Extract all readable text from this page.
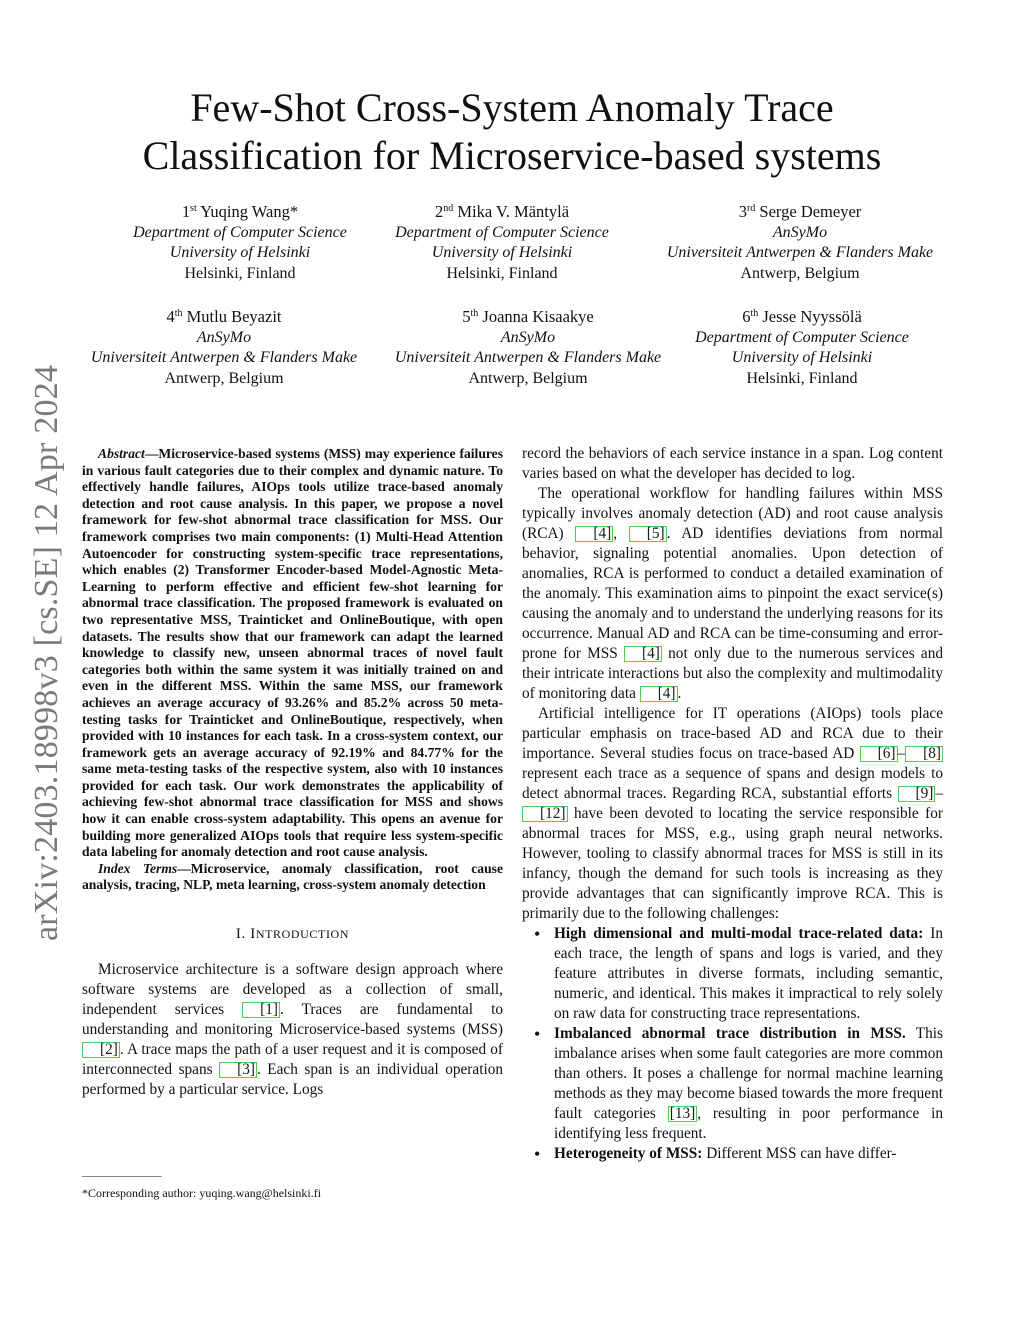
arXiv:2403.18998v3 [cs.SE] 12 Apr 2024
Few-Shot Cross-System Anomaly Trace
Classification for Microservice-based systems
1st Yuqing Wang*
Department of Computer Science
University of Helsinki
Helsinki, Finland
2nd Mika V. Mäntylä
Department of Computer Science
University of Helsinki
Helsinki, Finland
3rd Serge Demeyer
AnSyMo
Universiteit Antwerpen & Flanders Make
Antwerp, Belgium
4th Mutlu Beyazit
AnSyMo
Universiteit Antwerpen & Flanders Make
Antwerp, Belgium
5th Joanna Kisaakye
AnSyMo
Universiteit Antwerpen & Flanders Make
Antwerp, Belgium
6th Jesse Nyyssölä
Department of Computer Science
University of Helsinki
Helsinki, Finland

Abstract—Microservice-based systems (MSS) may experience failures in various fault categories due to their complex and dynamic nature. To effectively handle failures, AIOps tools utilize trace-based anomaly detection and root cause analysis. In this paper, we propose a novel framework for few-shot abnormal trace classification for MSS. Our framework comprises two main components: (1) Multi-Head Attention Autoencoder for constructing system-specific trace representations, which enables (2) Transformer Encoder-based Model-Agnostic Meta-Learning to perform effective and efficient few-shot learning for abnormal trace classification. The proposed framework is evaluated on two representative MSS, Trainticket and OnlineBoutique, with open datasets. The results show that our framework can adapt the learned knowledge to classify new, unseen abnormal traces of novel fault categories both within the same system it was initially trained on and even in the different MSS. Within the same MSS, our framework achieves an average accuracy of 93.26% and 85.2% across 50 meta-testing tasks for Trainticket and OnlineBoutique, respectively, when provided with 10 instances for each task. In a cross-system context, our framework gets an average accuracy of 92.19% and 84.77% for the same meta-testing tasks of the respective system, also with 10 instances provided for each task. Our work demonstrates the applicability of achieving few-shot abnormal trace classification for MSS and shows how it can enable cross-system adaptability. This opens an avenue for building more generalized AIOps tools that require less system-specific data labeling for anomaly detection and root cause analysis.

Index Terms—Microservice, anomaly classification, root cause analysis, tracing, NLP, meta learning, cross-system anomaly detection

I. INTRODUCTION

Microservice architecture is a software design approach where software systems are developed as a collection of small, independent services [1] . Traces are fundamental to understanding and monitoring Microservice-based systems (MSS) [2] . A trace maps the path of a user request and it is composed of interconnected spans [3] . Each span is an individual operation performed by a particular service. Logs

*Corresponding author: yuqing.wang@helsinki.fi

record the behaviors of each service instance in a span. Log content varies based on what the developer has decided to log.

The operational workflow for handling failures within MSS typically involves anomaly detection (AD) and root cause analysis (RCA) [4] , [5] . AD identifies deviations from normal behavior, signaling potential anomalies. Upon detection of anomalies, RCA is performed to conduct a detailed examination of the anomaly. This examination aims to pinpoint the exact service(s) causing the anomaly and to understand the underlying reasons for its occurrence. Manual AD and RCA can be time-consuming and error-prone for MSS [4] not only due to the numerous services and their intricate interactions but also the complexity and multimodality of monitoring data [4] .

Artificial intelligence for IT operations (AIOps) tools place particular emphasis on trace-based AD and RCA due to their importance. Several studies focus on trace-based AD [6] – [8] represent each trace as a sequence of spans and design models to detect abnormal traces. Regarding RCA, substantial efforts [9] –[12] have been devoted to locating the service responsible for abnormal traces for MSS, e.g., using graph neural networks. However, tooling to classify abnormal traces for MSS is still in its infancy, though the demand for such tools is increasing as they provide advantages that can significantly improve RCA. This is primarily due to the following challenges:

• High dimensional and multi-modal trace-related data: In each trace, the length of spans and logs is varied, and they feature attributes in diverse formats, including semantic, numeric, and identical. This makes it impractical to rely solely on raw data for constructing trace representations.
• Imbalanced abnormal trace distribution in MSS. This imbalance arises when some fault categories are more common than others. It poses a challenge for normal machine learning methods as they may become biased towards the more frequent fault categories [13] , resulting in poor performance in identifying less frequent.
• Heterogeneity of MSS: Different MSS can have differ-
